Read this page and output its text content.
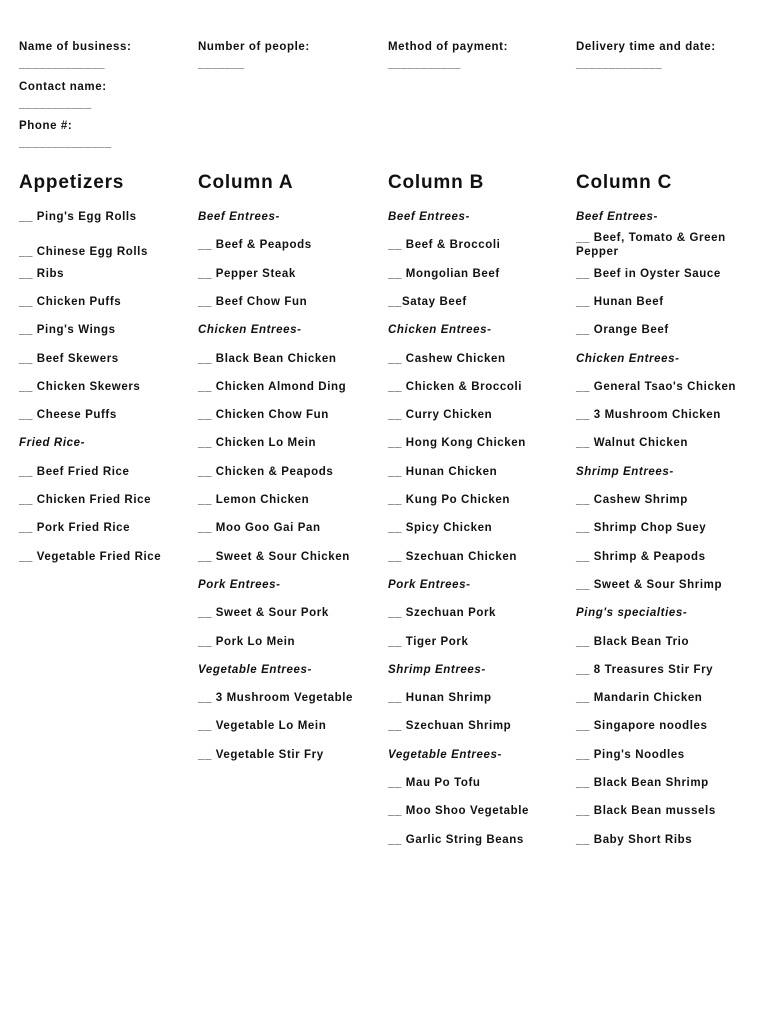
Name of business:
_____________
Number of people:
_______
Method of payment:
___________
Delivery time and date:
_____________
Contact name:
___________
Phone #:
______________
Appetizers
__ Ping's Egg Rolls
__ Chinese Egg Rolls
__ Ribs
__ Chicken Puffs
__ Ping's Wings
__ Beef Skewers
__ Chicken Skewers
__ Cheese Puffs
Fried Rice-
__ Beef Fried Rice
__ Chicken Fried Rice
__ Pork Fried Rice
__ Vegetable Fried Rice
Column A
Beef Entrees-
__ Beef & Peapods
__ Pepper Steak
__ Beef Chow Fun
Chicken Entrees-
__ Black Bean Chicken
__ Chicken Almond Ding
__ Chicken Chow Fun
__ Chicken Lo Mein
__ Chicken & Peapods
__ Lemon Chicken
__ Moo Goo Gai Pan
__ Sweet & Sour Chicken
Pork Entrees-
__ Sweet & Sour Pork
__ Pork Lo Mein
Vegetable Entrees-
__ 3 Mushroom Vegetable
__ Vegetable Lo Mein
__ Vegetable Stir Fry
Column B
Beef Entrees-
__ Beef & Broccoli
__ Mongolian Beef
__Satay Beef
Chicken Entrees-
__ Cashew Chicken
__ Chicken & Broccoli
__ Curry Chicken
__ Hong Kong Chicken
__ Hunan Chicken
__ Kung Po Chicken
__ Spicy Chicken
__ Szechuan Chicken
Pork Entrees-
__ Szechuan Pork
__ Tiger Pork
Shrimp Entrees-
__ Hunan Shrimp
__ Szechuan Shrimp
Vegetable Entrees-
__ Mau Po Tofu
__ Moo Shoo Vegetable
__ Garlic String Beans
Column C
Beef Entrees-
__ Beef, Tomato & Green Pepper
__ Beef in Oyster Sauce
__ Hunan Beef
__ Orange Beef
Chicken Entrees-
__ General Tsao's Chicken
__ 3 Mushroom Chicken
__ Walnut Chicken
Shrimp Entrees-
__ Cashew Shrimp
__ Shrimp Chop Suey
__ Shrimp & Peapods
__ Sweet & Sour Shrimp
Ping's specialties-
__ Black Bean Trio
__ 8 Treasures Stir Fry
__ Mandarin Chicken
__ Singapore noodles
__ Ping's Noodles
__ Black Bean Shrimp
__ Black Bean mussels
__ Baby Short Ribs
